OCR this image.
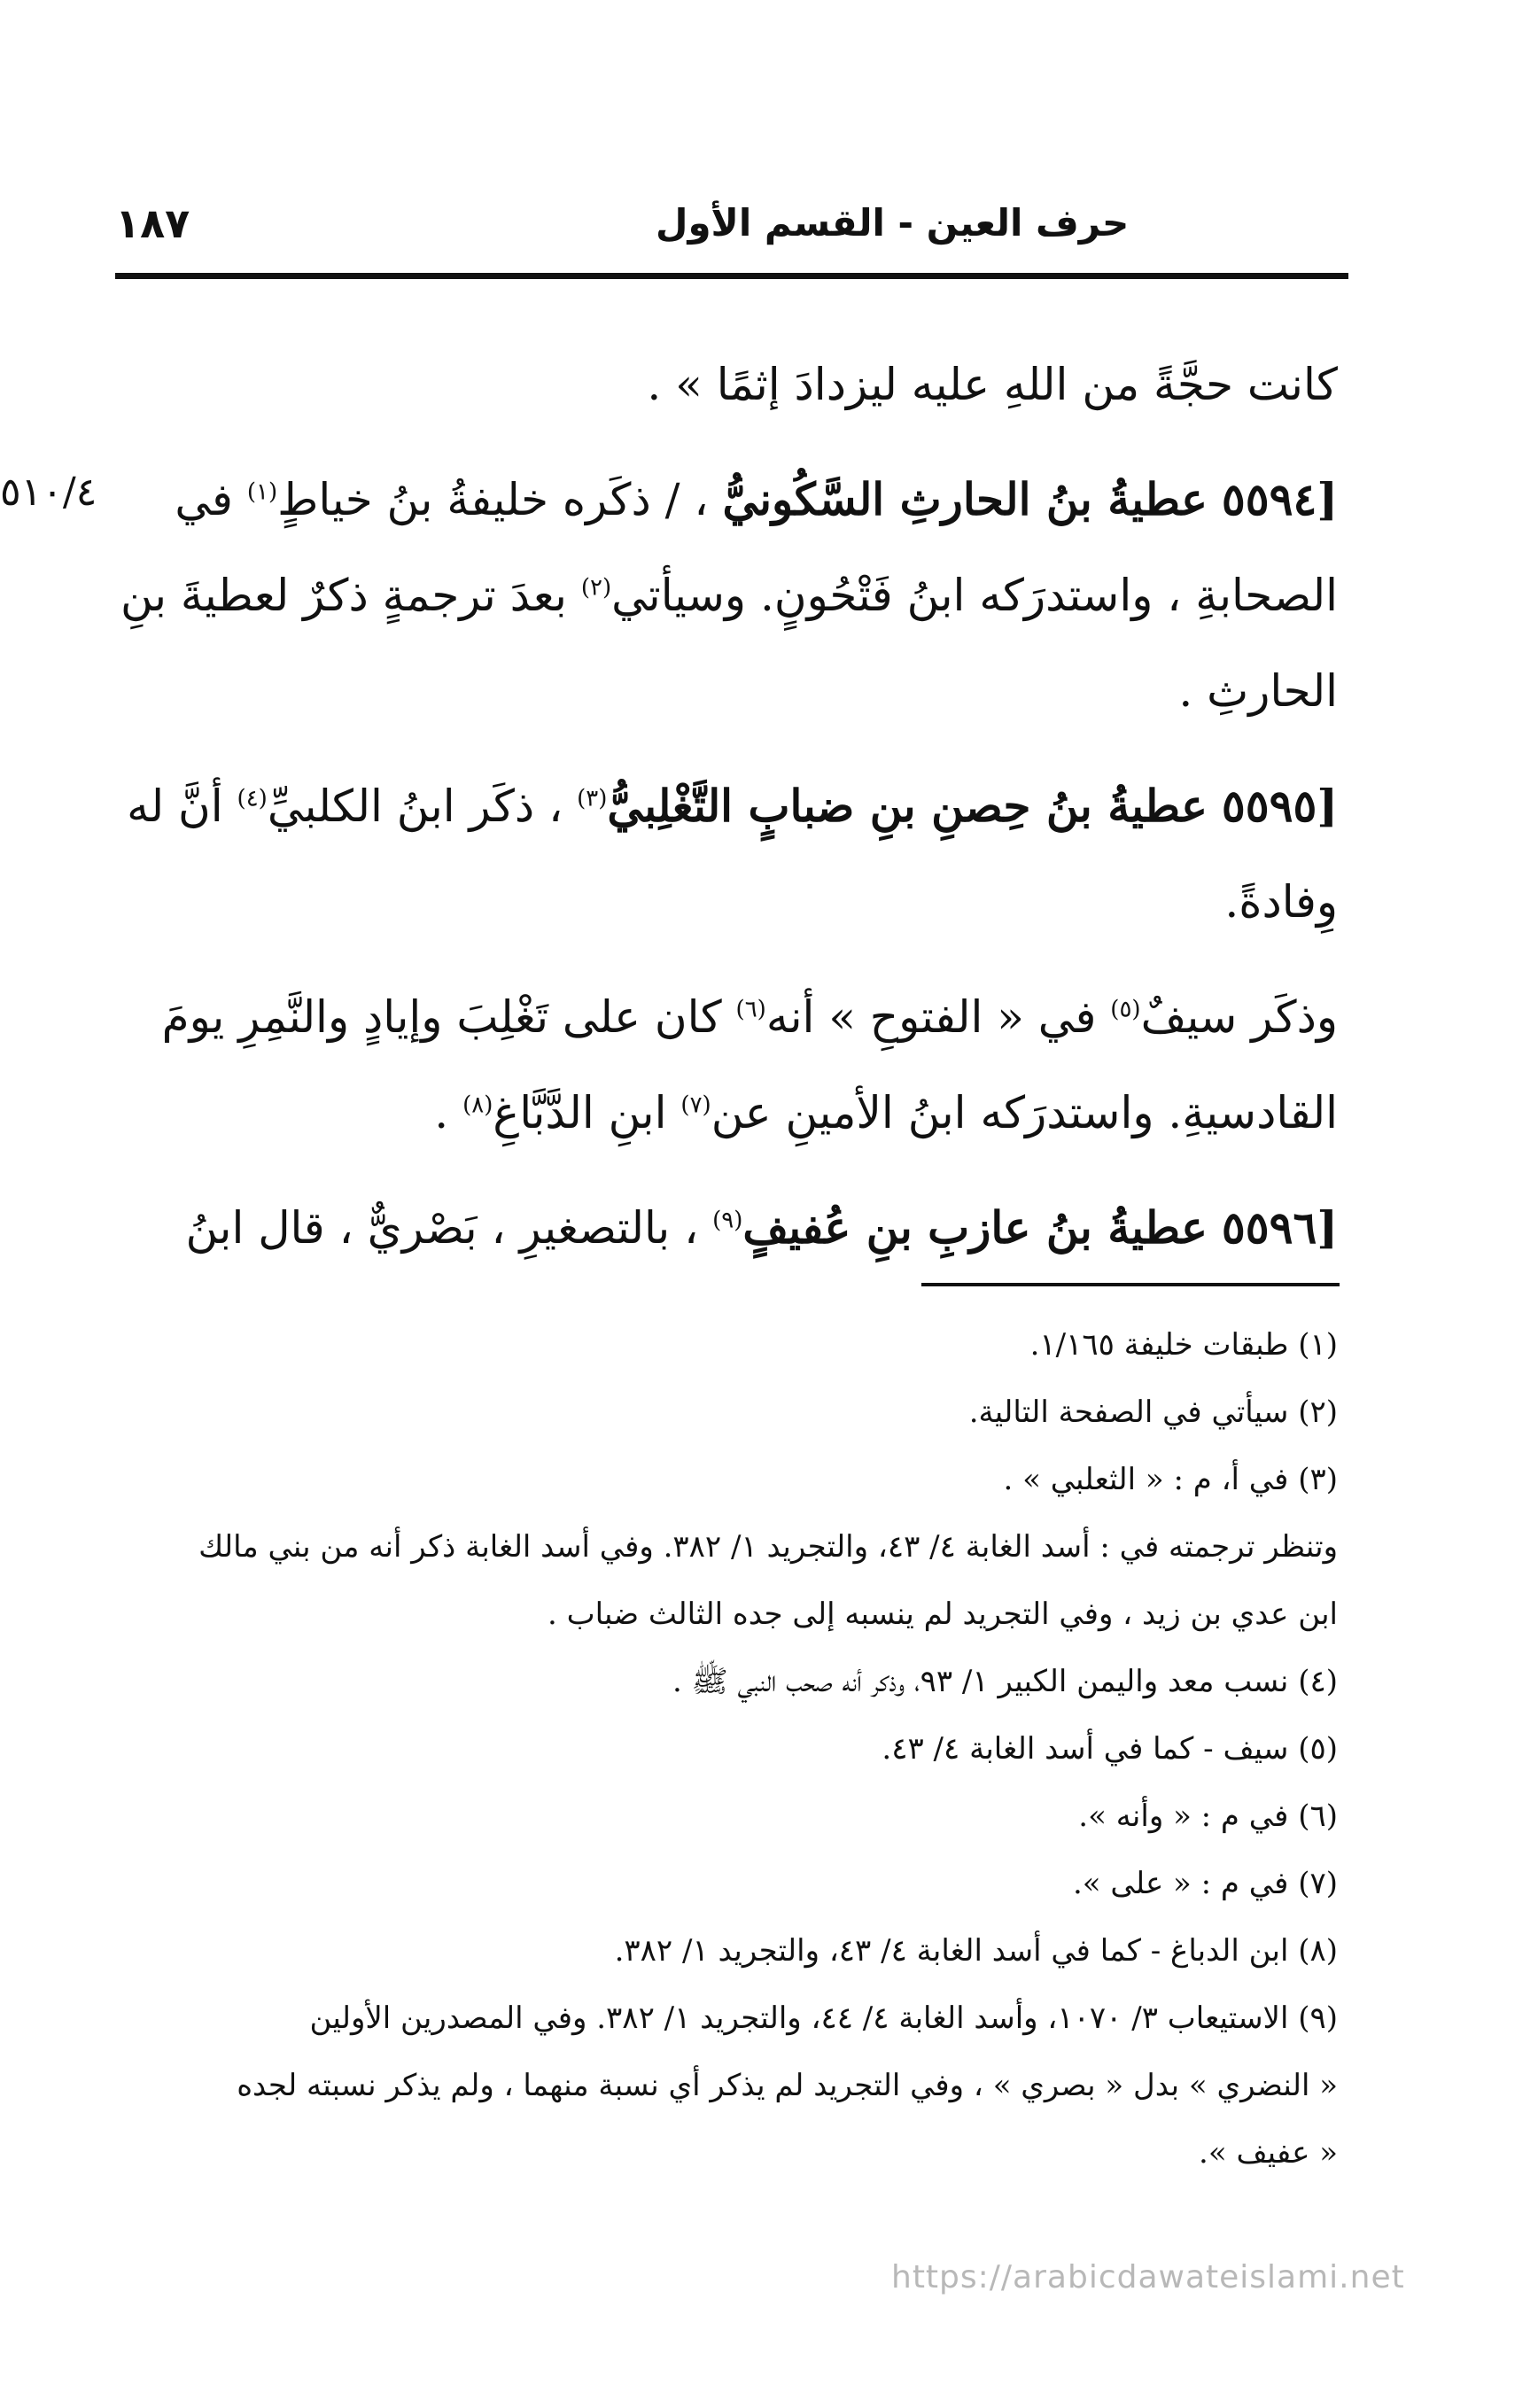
١٨٧	حرف العين - القسم الأول
٥١٠/٤
كانت حجَّةً من اللهِ عليه ليزدادَ إثمًا » .
[٥٥٩٤ عطيةُ بنُ الحارثِ السَّكُونيُّ ، / ذكَره خليفةُ بنُ خياطٍ$^{(١)}$ في
الصحابةِ ، واستدرَكه ابنُ فَتْحُونٍ. وسيأتي$^{(٢)}$ بعدَ ترجمةٍ ذكرٌ لعطيةَ بنِ
الحارثِ .
[٥٥٩٥ عطيةُ بنُ حِصنِ بنِ ضبابٍ التَّغْلِبيُّ$^{(٣)}$ ، ذكَر ابنُ الكلبيِّ$^{(٤)}$ أنَّ له
وِفادةً.
وذكَر سيفٌ$^{(٥)}$ في « الفتوحِ » أنه$^{(٦)}$ كان على تَغْلِبَ وإيادٍ والنَّمِرِ يومَ
القادسيةِ. واستدرَكه ابنُ الأمينِ عن$^{(٧)}$ ابنِ الدَّبَّاغِ$^{(٨)}$ .
[٥٥٩٦ عطيةُ بنُ عازبِ بنِ عُفيفٍ$^{(٩)}$ ، بالتصغيرِ ، بَصْريٌّ ، قال ابنُ
(١) طبقات خليفة ١/١٦٥.
(٢) سيأتي في الصفحة التالية.
(٣) في أ، م : « الثعلبي » .
وتنظر ترجمته في : أسد الغابة ٤/ ٤٣، والتجريد ١/ ٣٨٢. وفي أسد الغابة ذكر أنه من بني مالك
ابن عدي بن زيد ، وفي التجريد لم ينسبه إلى جده الثالث ضباب .
(٤) نسب معد واليمن الكبير ١/ ٩٣، وذكر أنه صحب النبي ﷺ .
(٥) سيف - كما في أسد الغابة ٤/ ٤٣.
(٦) في م : « وأنه ».
(٧) في م : « على ».
(٨) ابن الدباغ - كما في أسد الغابة ٤/ ٤٣، والتجريد ١/ ٣٨٢.
(٩) الاستيعاب ٣/ ١٠٧٠، وأسد الغابة ٤/ ٤٤، والتجريد ١/ ٣٨٢. وفي المصدرين الأولين
« النضري » بدل « بصري » ، وفي التجريد لم يذكر أي نسبة منهما ، ولم يذكر نسبته لجده
« عفيف ».
https://arabicdawateislami.net
